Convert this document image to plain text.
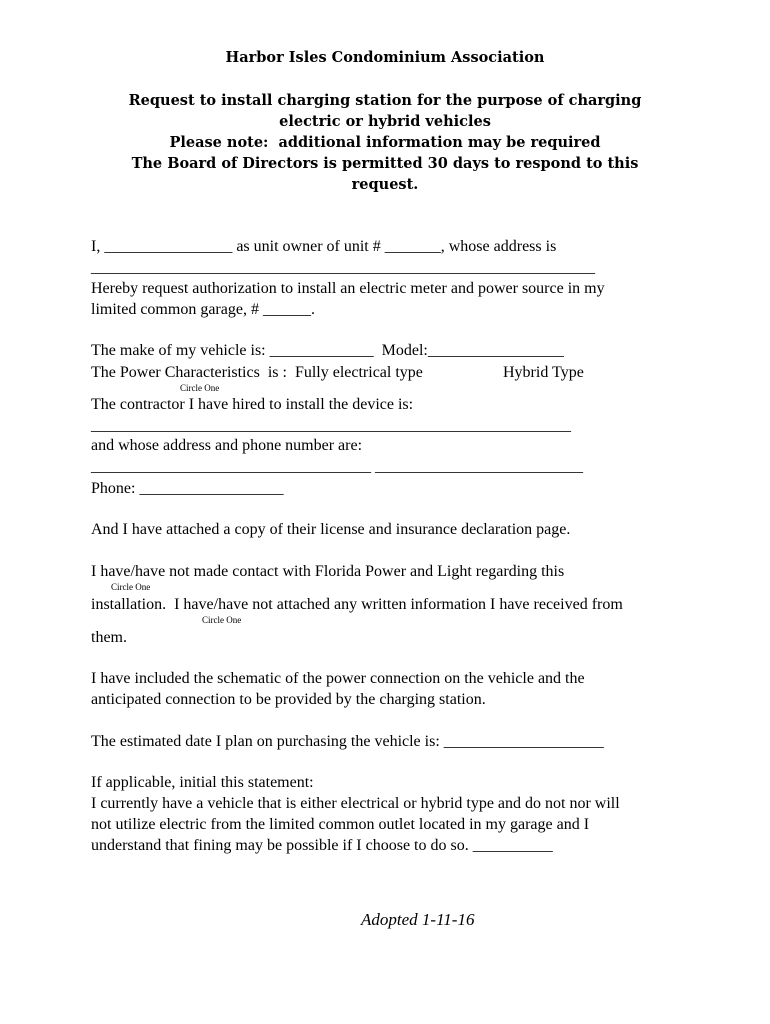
Harbor Isles Condominium Association
Request to install charging station for the purpose of charging
electric or hybrid vehicles
Please note:  additional information may be required
The Board of Directors is permitted 30 days to respond to this
request.
I, ________________ as unit owner of unit # _______, whose address is
_______________________________________________________________
Hereby request authorization to install an electric meter and power source in my
limited common garage, # ______.
The make of my vehicle is: _____________  Model:_________________
The Power Characteristics  is :  Fully electrical type	Hybrid Type
Circle One
The contractor I have hired to install the device is:
____________________________________________________________
and whose address and phone number are:
___________________________________ __________________________
Phone: __________________
And I have attached a copy of their license and insurance declaration page.
I have/have not made contact with Florida Power and Light regarding this
Circle One
installation.  I have/have not attached any written information I have received from
Circle One
them.
I have included the schematic of the power connection on the vehicle and the
anticipated connection to be provided by the charging station.
The estimated date I plan on purchasing the vehicle is: ____________________
If applicable, initial this statement:
I currently have a vehicle that is either electrical or hybrid type and do not nor will
not utilize electric from the limited common outlet located in my garage and I
understand that fining may be possible if I choose to do so. __________
Adopted 1-11-16
